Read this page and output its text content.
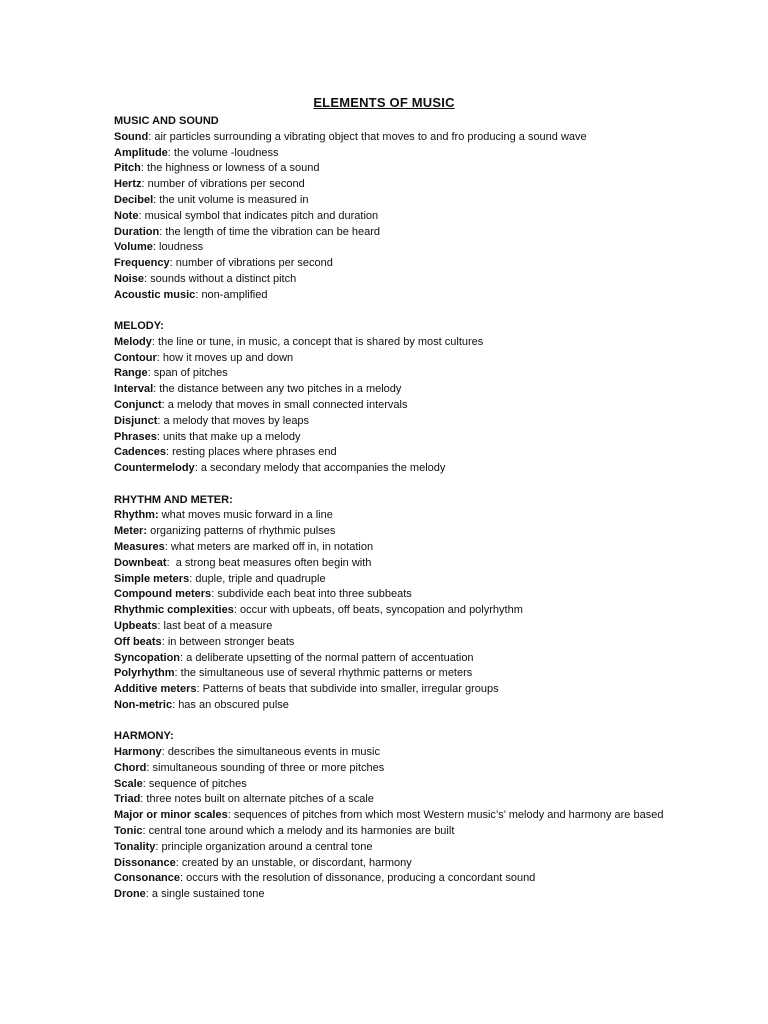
ELEMENTS OF MUSIC
MUSIC AND SOUND
Sound: air particles surrounding a vibrating object that moves to and fro producing a sound wave
Amplitude: the volume -loudness
Pitch: the highness or lowness of a sound
Hertz: number of vibrations per second
Decibel: the unit volume is measured in
Note: musical symbol that indicates pitch and duration
Duration: the length of time the vibration can be heard
Volume: loudness
Frequency: number of vibrations per second
Noise: sounds without a distinct pitch
Acoustic music: non-amplified
MELODY:
Melody: the line or tune, in music, a concept that is shared by most cultures
Contour: how it moves up and down
Range: span of pitches
Interval: the distance between any two pitches in a melody
Conjunct: a melody that moves in small connected intervals
Disjunct: a melody that moves by leaps
Phrases: units that make up a melody
Cadences: resting places where phrases end
Countermelody: a secondary melody that accompanies the melody
RHYTHM AND METER:
Rhythm: what moves music forward in a line
Meter: organizing patterns of rhythmic pulses
Measures: what meters are marked off in, in notation
Downbeat:  a strong beat measures often begin with
Simple meters: duple, triple and quadruple
Compound meters: subdivide each beat into three subbeats
Rhythmic complexities: occur with upbeats, off beats, syncopation and polyrhythm
Upbeats: last beat of a measure
Off beats: in between stronger beats
Syncopation: a deliberate upsetting of the normal pattern of accentuation
Polyrhythm: the simultaneous use of several rhythmic patterns or meters
Additive meters: Patterns of beats that subdivide into smaller, irregular groups
Non-metric: has an obscured pulse
HARMONY:
Harmony: describes the simultaneous events in music
Chord: simultaneous sounding of three or more pitches
Scale: sequence of pitches
Triad: three notes built on alternate pitches of a scale
Major or minor scales: sequences of pitches from which most Western music’s’ melody and harmony are based
Tonic: central tone around which a melody and its harmonies are built
Tonality: principle organization around a central tone
Dissonance: created by an unstable, or discordant, harmony
Consonance: occurs with the resolution of dissonance, producing a concordant sound
Drone: a single sustained tone
